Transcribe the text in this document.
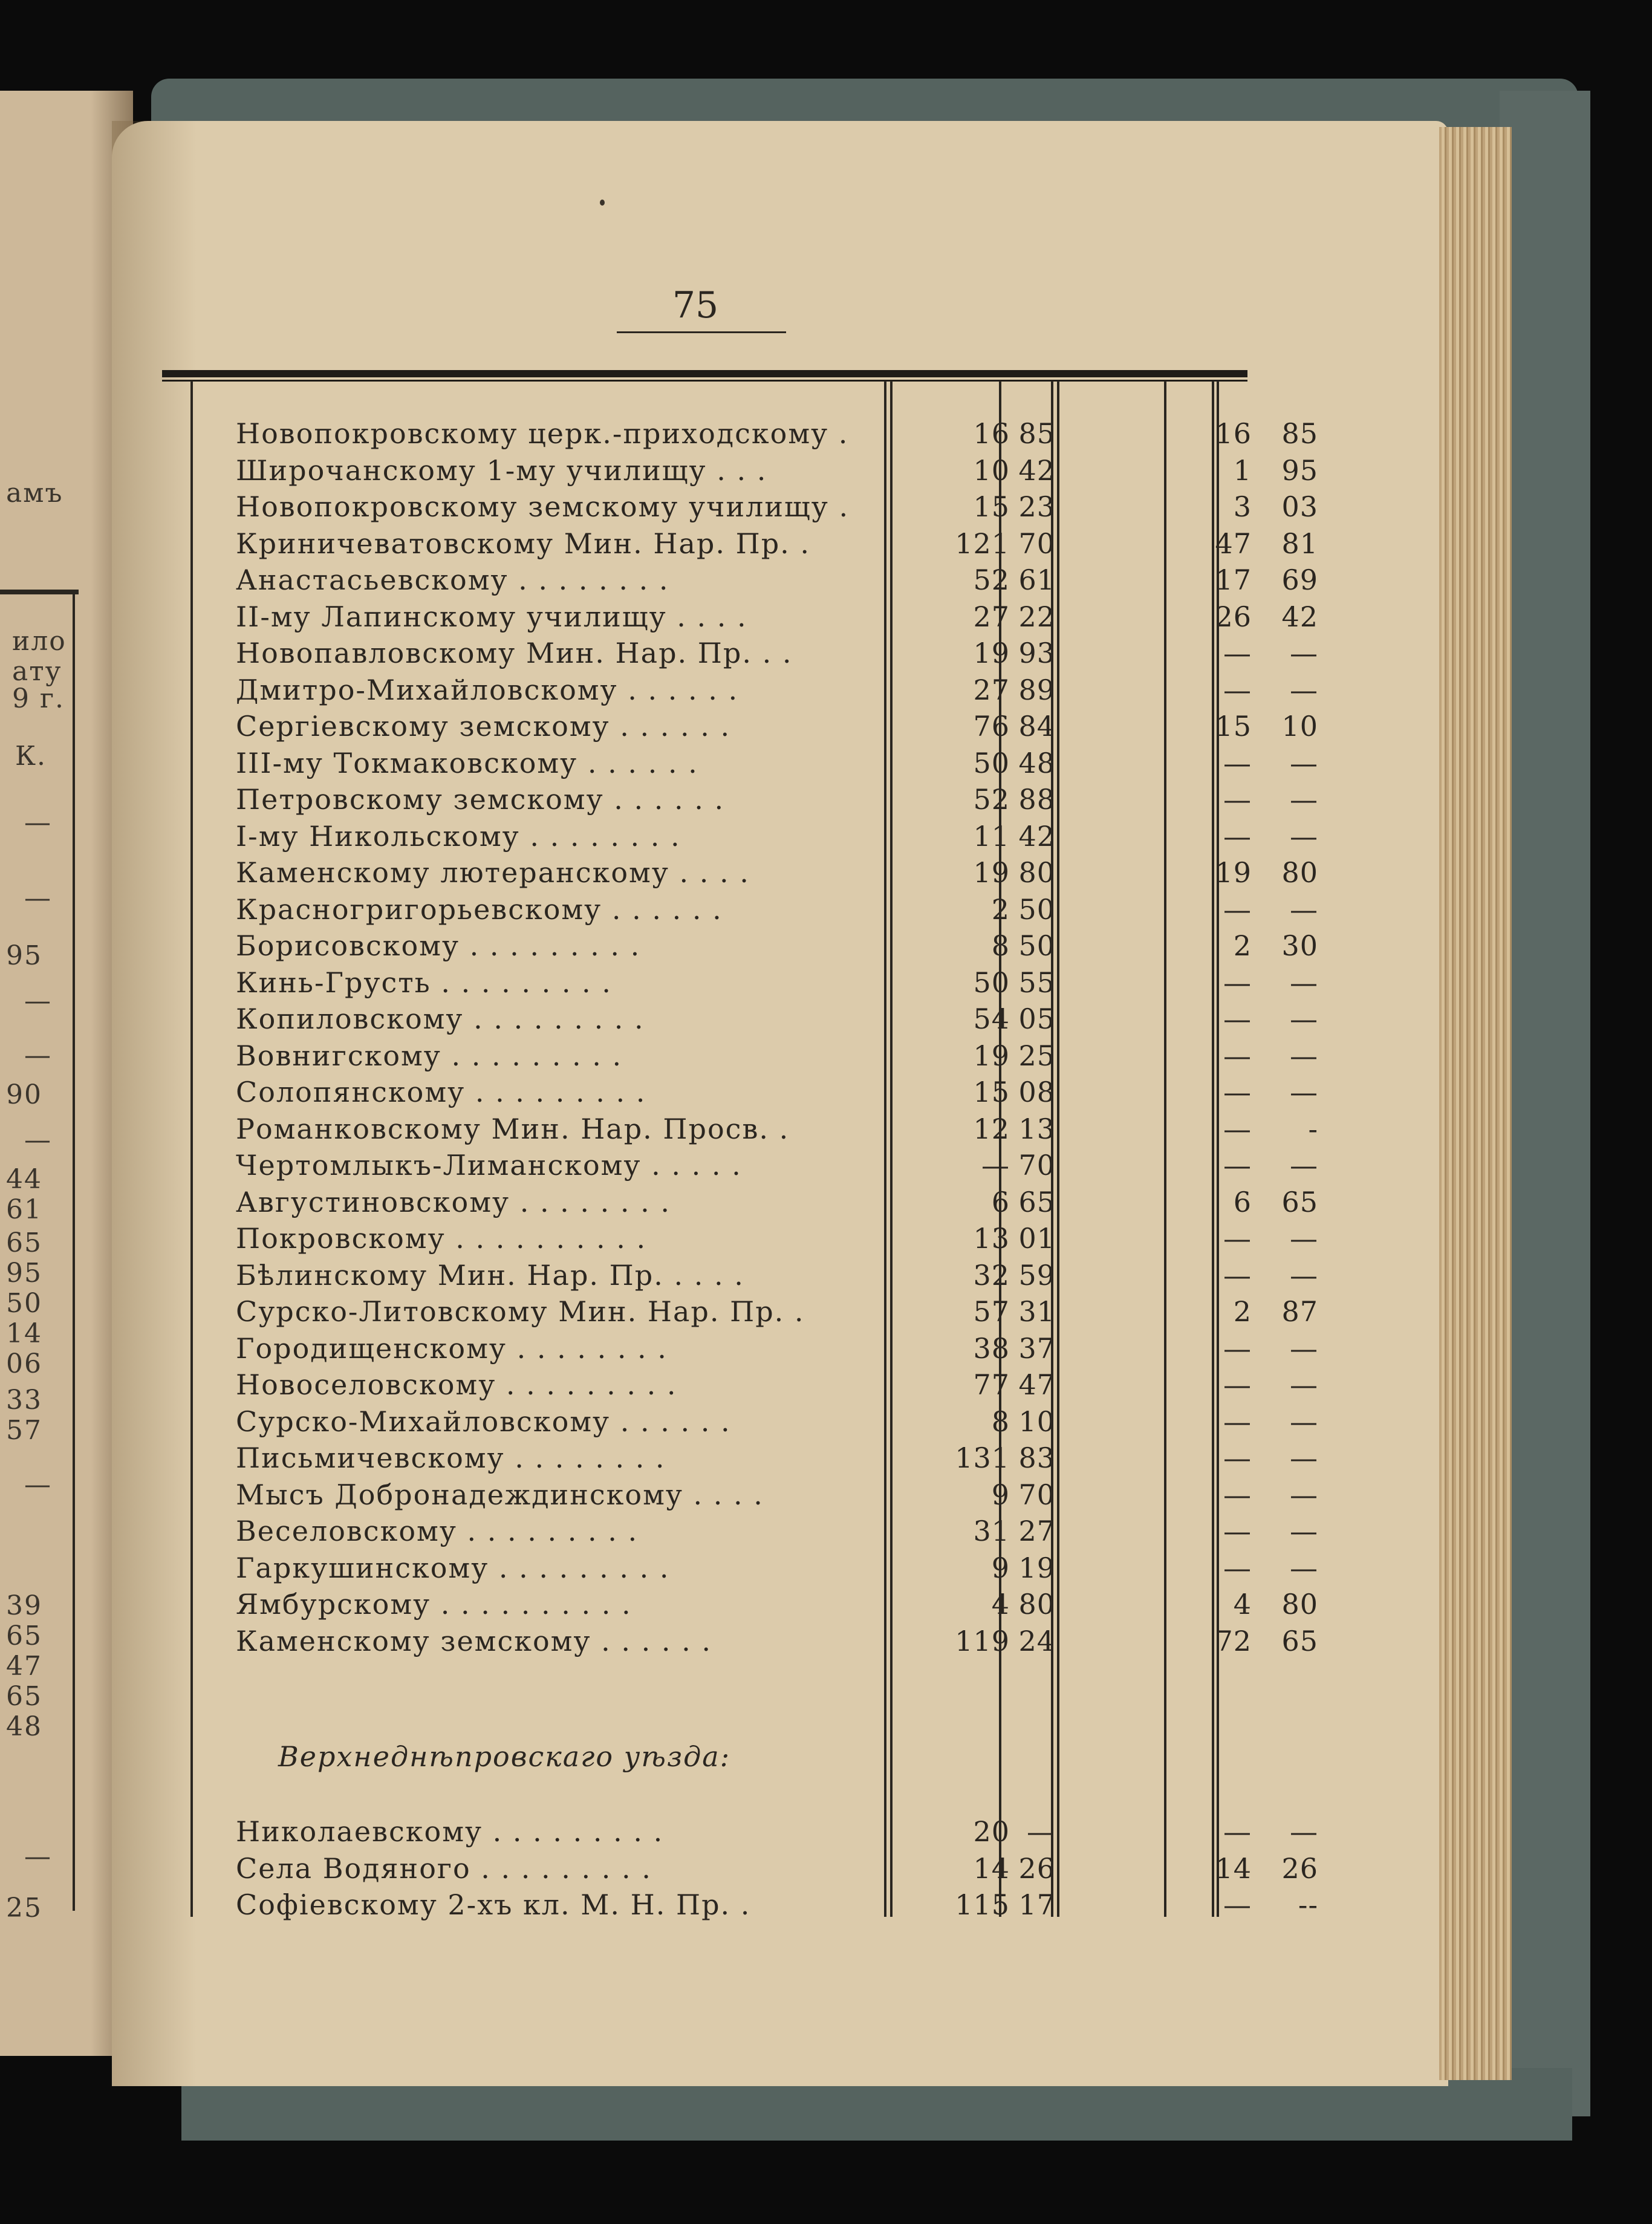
амъ
ило
ату
9 г.
К.
—
—
95
—
—
90
—
44
61
65
95
50
14
06
33
57
—
39
65
47
65
48
—
25
75
Новопокровскому церк.-приходскому .	16 85	16	85
Широчанскому 1-му училищу . . .	10 42	1	95
Новопокровскому земскому училищу .	15 23	3	03
Криничеватовскому Мин. Нар. Пр. .	121 70	47	81
Анастасьевскому . . . . . . . .	52 61	17	69
II-му Лапинскому училищу . . . .	27 22	26	42
Новопавловскому Мин. Нар. Пр. . .	19 93	—	—
Дмитро-Михайловскому . . . . . .	27 89	—	—
Сергіевскому земскому . . . . . .	76 84	15	10
III-му Токмаковскому . . . . . .	50 48	—	—
Петровскому земскому . . . . . .	52 88	—	—
I-му Никольскому . . . . . . . .	11 42	—	—
Каменскому лютеранскому . . . .	19 80	19	80
Красногригорьевскому . . . . . .	2 50	—	—
Борисовскому . . . . . . . . .	8 50	2	30
Кинь-Грусть . . . . . . . . .	50 55	—	—
Копиловскому . . . . . . . . .	54 05	—	—
Вовнигскому . . . . . . . . .	19 25	—	—
Солопянскому . . . . . . . . .	15 08	—	—
Романковскому Мин. Нар. Просв. .	12 13	—	-
Чертомлыкъ-Лиманскому . . . . .	— 70	—	—
Августиновскому . . . . . . . .	6 65	6	65
Покровскому . . . . . . . . . .	13 01	—	—
Бѣлинскому Мин. Нар. Пр. . . . .	32 59	—	—
Сурско-Литовскому Мин. Нар. Пр. .	57 31	2	87
Городищенскому . . . . . . . .	38 37	—	—
Новоселовскому . . . . . . . . .	77 47	—	—
Сурско-Михайловскому . . . . . .	8 10	—	—
Письмичевскому . . . . . . . .	131 83	—	—
Мысъ Добронадеждинскому . . . .	9 70	—	—
Веселовскому . . . . . . . . .	31 27	—	—
Гаркушинскому . . . . . . . . .	9 19	—	—
Ямбурскому . . . . . . . . . .	4 80	4	80
Каменскому земскому . . . . . .	119 24	72	65
Верхнеднѣпровскаго уѣзда:
Николаевскому . . . . . . . . .	20 —	—	—
Села Водяного . . . . . . . . .	14 26	14	26
Софіевскому 2-хъ кл. М. Н. Пр. .	115 17	—	--
